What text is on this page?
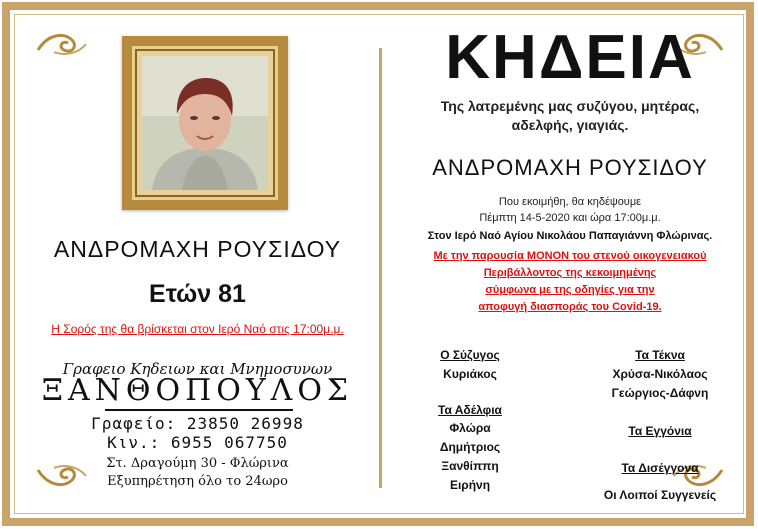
ΑΝΔΡΟΜΑΧΗ ΡΟΥΣΙΔΟΥ
Ετών 81
Η Σορός της θα βρίσκεται στον Ιερό Ναό στις 17:00μ.μ.
Γραφειο Κηδειων και Μνημοσυνων
ΞΑΝΘΟΠΟΥΛΟΣ
Γραφείο: 23850 26998
Κιν.: 6955 067750
Στ. Δραγούμη 30 - Φλώρινα
Εξυπηρέτηση όλο το 24ωρο
ΚΗΔΕΙΑ
Της λατρεμένης μας συζύγου, μητέρας,
αδελφής, γιαγιάς.
ΑΝΔΡΟΜΑΧΗ ΡΟΥΣΙΔΟΥ
Που εκοιμήθη, θα κηδέψουμε
Πέμπτη 14-5-2020 και ώρα 17:00μ.μ.
Στον Ιερό Ναό Αγίου Νικολάου Παπαγιάννη Φλώρινας.
Με την παρουσία ΜΟΝΟΝ του στενού οικογενειακού
Περιβάλλοντος της κεκοιμημένης
σύμφωνα με της οδηγίες για την
αποφυγή διασποράς του Covid-19.
Ο Σύζυγος
Κυριάκος
Τα Αδέλφια
Φλώρα
Δημήτριος
Ξανθίππη
Ειρήνη
Τα Τέκνα
Χρύσα-Νικόλαος
Γεώργιος-Δάφνη
Τα Εγγόνια
Τα Δισέγγονα
Οι Λοιποί Συγγενείς
